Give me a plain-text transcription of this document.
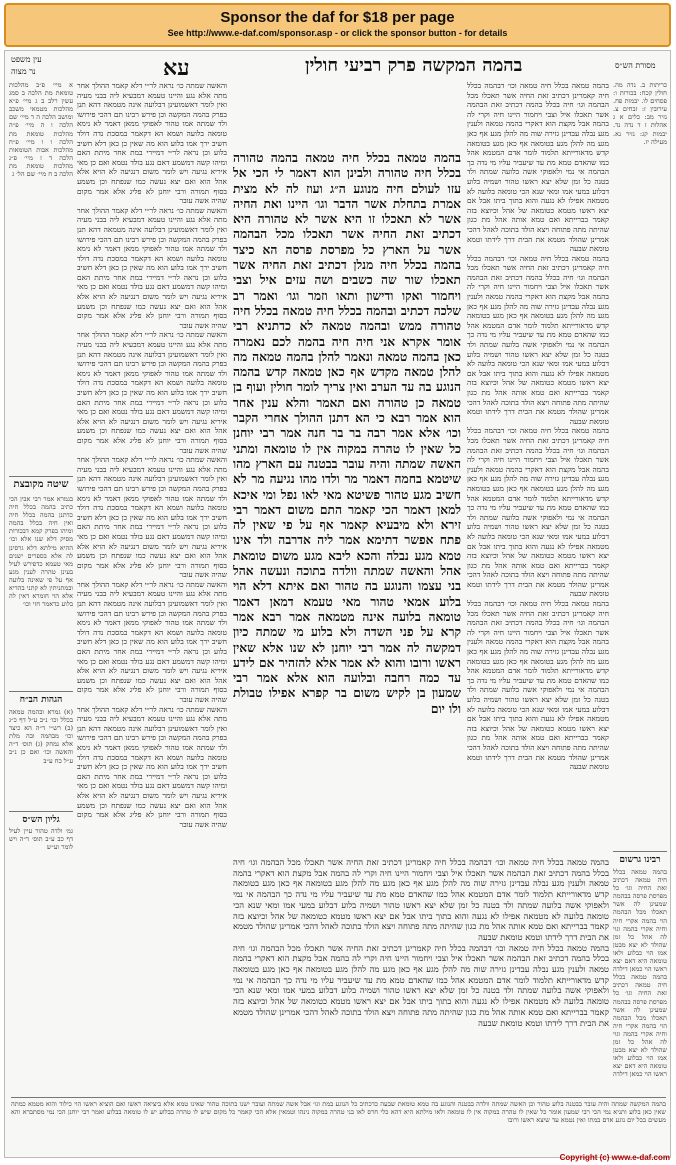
Sponsor the daf for $18 per page
See http://www.e-daf.com/sponsor.asp - or click the sponsor button - for details
עין משפט
נר מצוה	עא	בהמה המקשה פרק רביעי חולין	מסורת הש״ס

א מיי׳ פ״ב מהלכות טומאת מת הלכה ב סמג עשין רלב ב ג מיי׳ פ״א מהלכות מטמאי משכב ומושב הלכה ה ד מיי׳ שם הלכה ו ה מיי׳ פ״ה מהלכות טומאת מת הלכה ו ו מיי׳ פ״ח מהלכות אבות הטומאות הלכה ד ז מיי׳ פ״ג מהלכות טומאת מת הלכה ב ח מיי׳ שם הל׳ ג

שיטה מקובצת

בגמרא אמר רבי אבין הכי כתיב בהמה בכלל חיה כדתנן בהמה בכלל חיה ואין חיה בכלל בהמה ומיהו בפרק קמא דבכורות מסיק דלא שנו אלא וכו׳ ההיא מילתא דלא גרסינן לה אלא בספרים ישנים מאי טעמא כדפירש לעיל בעינן טהרה לענין מגע אף על פי שאינה בלועה ובמתניתין לא קתני בהדיא אלא הוי חומרא דאין לה בלוע כדאמר חזי וכו׳

הגהות הב״ח

(א) גמרא ובהמה טמאה בכלל וכו׳ נ״ב ע״ל דף כ״ג (ב) רש״י ד״ה הא כיצד וכו׳ מבהמה ובה מלת אלא נמחק (ג) תוס׳ ד״ה והאשה וכו׳ ואם כן נ״ב ע״ל כח ע״ב

גליון הש״ס

גמ׳ ולדה טהור עיין לעיל דף כב ע״ב תוס׳ ד״ה ויש לומר וע״ש

והאשה שמתה כו׳ נראה לר״י דלא קאמר ההולך אחר מתה אלא נגע והיינו טעמא דמבעיא ליה בבני מעיה ואין לומר דאשמועינן דבלועה אינה מטמאה דהא תנן בפרק בהמה המקשה וכן פירש רבינו תם דהכי פירושו ולד שמתה אמו טהור לאפוקי ממאן דאמר לא נימא טומאה בלועה ושמא הא דקאמר במסכת נדה דולד חשיב ירך אמו בלוע הוא מה שאין כן כאן דלא חשיב בלוע וכן נראה לר״י דמיירי במת אחר מיתת האם ומיהו קשה דמשמע דאם נגע בולד נטמא ואם כן מאי איריא נגיעה ויש לומר משום דנגיעה לא הויא אלא אהל הוא ואם יצא נעשה כמו שנפתח וכן משמע בסוף תמורה ורבי יוחנן לא פליג אלא אמר מקום שהיה אשה עובר

והאשה שמתה כו׳ נראה לר״י דלא קאמר ההולך אחר מתה אלא נגע והיינו טעמא דמבעיא ליה בבני מעיה ואין לומר דאשמועינן דבלועה אינה מטמאה דהא תנן בפרק בהמה המקשה וכן פירש רבינו תם דהכי פירושו ולד שמתה אמו טהור לאפוקי ממאן דאמר לא נימא טומאה בלועה ושמא הא דקאמר במסכת נדה דולד חשיב ירך אמו בלוע הוא מה שאין כן כאן דלא חשיב בלוע וכן נראה לר״י דמיירי במת אחר מיתת האם ומיהו קשה דמשמע דאם נגע בולד נטמא ואם כן מאי איריא נגיעה ויש לומר משום דנגיעה לא הויא אלא אהל הוא ואם יצא נעשה כמו שנפתח וכן משמע בסוף תמורה ורבי יוחנן לא פליג אלא אמר מקום שהיה אשה עובר

והאשה שמתה כו׳ נראה לר״י דלא קאמר ההולך אחר מתה אלא נגע והיינו טעמא דמבעיא ליה בבני מעיה ואין לומר דאשמועינן דבלועה אינה מטמאה דהא תנן בפרק בהמה המקשה וכן פירש רבינו תם דהכי פירושו ולד שמתה אמו טהור לאפוקי ממאן דאמר לא נימא טומאה בלועה ושמא הא דקאמר במסכת נדה דולד חשיב ירך אמו בלוע הוא מה שאין כן כאן דלא חשיב בלוע וכן נראה לר״י דמיירי במת אחר מיתת האם ומיהו קשה דמשמע דאם נגע בולד נטמא ואם כן מאי איריא נגיעה ויש לומר משום דנגיעה לא הויא אלא אהל הוא ואם יצא נעשה כמו שנפתח וכן משמע בסוף תמורה ורבי יוחנן לא פליג אלא אמר מקום שהיה אשה עובר

והאשה שמתה כו׳ נראה לר״י דלא קאמר ההולך אחר מתה אלא נגע והיינו טעמא דמבעיא ליה בבני מעיה ואין לומר דאשמועינן דבלועה אינה מטמאה דהא תנן בפרק בהמה המקשה וכן פירש רבינו תם דהכי פירושו ולד שמתה אמו טהור לאפוקי ממאן דאמר לא נימא טומאה בלועה ושמא הא דקאמר במסכת נדה דולד חשיב ירך אמו בלוע הוא מה שאין כן כאן דלא חשיב בלוע וכן נראה לר״י דמיירי במת אחר מיתת האם ומיהו קשה דמשמע דאם נגע בולד נטמא ואם כן מאי איריא נגיעה ויש לומר משום דנגיעה לא הויא אלא אהל הוא ואם יצא נעשה כמו שנפתח וכן משמע בסוף תמורה ורבי יוחנן לא פליג אלא אמר מקום שהיה אשה עובר

והאשה שמתה כו׳ נראה לר״י דלא קאמר ההולך אחר מתה אלא נגע והיינו טעמא דמבעיא ליה בבני מעיה ואין לומר דאשמועינן דבלועה אינה מטמאה דהא תנן בפרק בהמה המקשה וכן פירש רבינו תם דהכי פירושו ולד שמתה אמו טהור לאפוקי ממאן דאמר לא נימא טומאה בלועה ושמא הא דקאמר במסכת נדה דולד חשיב ירך אמו בלוע הוא מה שאין כן כאן דלא חשיב בלוע וכן נראה לר״י דמיירי במת אחר מיתת האם ומיהו קשה דמשמע דאם נגע בולד נטמא ואם כן מאי איריא נגיעה ויש לומר משום דנגיעה לא הויא אלא אהל הוא ואם יצא נעשה כמו שנפתח וכן משמע בסוף תמורה ורבי יוחנן לא פליג אלא אמר מקום שהיה אשה עובר

והאשה שמתה כו׳ נראה לר״י דלא קאמר ההולך אחר מתה אלא נגע והיינו טעמא דמבעיא ליה בבני מעיה ואין לומר דאשמועינן דבלועה אינה מטמאה דהא תנן בפרק בהמה המקשה וכן פירש רבינו תם דהכי פירושו ולד שמתה אמו טהור לאפוקי ממאן דאמר לא נימא טומאה בלועה ושמא הא דקאמר במסכת נדה דולד חשיב ירך אמו בלוע הוא מה שאין כן כאן דלא חשיב בלוע וכן נראה לר״י דמיירי במת אחר מיתת האם ומיהו קשה דמשמע דאם נגע בולד נטמא ואם כן מאי איריא נגיעה ויש לומר משום דנגיעה לא הויא אלא אהל הוא ואם יצא נעשה כמו שנפתח וכן משמע בסוף תמורה ורבי יוחנן לא פליג אלא אמר מקום שהיה אשה עובר

בהמה טמאה בכלל חיה טמאה בהמה טהורה בכלל חיה טהורה ולבינן הוא דאמר לי הכי אל עזו לעולם חיה מנוגע ה״ג ועוז לה לא מצית אמרת בתחלת אשר הדבר וגו׳ היינו ואת החיה אשר לא תאכלו זו היא אשר לא טהורה היא דכתיב זאת החיה אשר תאכלו מכל הבהמה אשר על הארץ כל מפרסת פרסה הא כיצד בהמה בכלל חיה מנלן דכתיב זאת החיה אשר תאכלו שור שה כשבים ושה עזים איל וצבי ויחמור ואקו ודישון ותאו וזמר וגו׳ ואמר רב שלכה דכתיב ובהמה בכלל חיה טמאה בכלל חיה טהורה ממש ובהמה טמאה לא כדתניא רבי אומר אקרא אני חיה חיה בהמה לכם נאמרה כאן בהמה טמאה ונאמר להלן בהמה טמאה מה להלן טמאה מקדש אף כאן טמאה קדש בהמה הנוגע בה עד הערב ואין צריך לומר חולין ועוף בן טמאה כן טהורה ואם תאמר והלא ענין אחר הוא אמר רבא כי הא דתנן ההולך אחרי הקבר וכו׳ אלא אמר רבה בר בר חנה אמר רבי יוחנן כל שאין לו טהרה במקוה אין לו טומאה ומתני האשה שמתה והיה עובר בבטנה עם הארץ מהו שיטמא בחמה דאמר מר ולדו מהו נגיעה מר לא חשיב מגע טהור פשיטא מאי לאו נפל ומי איכא למאן דאמר הכי קאמר התם משום דאמר רבי זירא ולא מיבעיא קאמר אף על פי שאין לה פתח אפשר דתימא אמר ליה אדרבה ולד אינו טמא מגע נבלה והכא ליבא מגע משום טומאת אהל והאשה שמתה וולדה בתוכה ונעשה אהל בני עצמו והנוגע בה טהור ואם איתא דלא הוי בלוע אמאי טהור מאי טעמא דמאן דאמר טומאה בלועה אינה מטמאה אמר רבא אמר קרא על פני השדה ולא בלוע מי שמתה כיון דמקשה לה אמר רבי יוחנן לא שנו אלא שאין ראשו ורובו והוא לא אמר אלא להזהיר אם לידע עד כמה רחבה ובלועה הוא אלא אמר רבי שמעון בן לקיש משום בר קפרא אפילו טבולת ולו יום

בהמה טמאה בכלל חיה טמאה וכו׳ דבהמה בכלל חיה קאמרינן דכתיב זאת החיה אשר תאכלו מכל הבהמה וגו׳ חיה בכלל בהמה דכתיב זאת הבהמה אשר תאכלו איל וצבי ויחמור היינו חיה וקרי לה בהמה אבל מקצת הוא דאקרי בהמה טמאה ולענין מגע נבלה עבדינן גזירה שוה מה להלן מגע אף כאן מגע מה להלן מגע בטומאה אף כאן מגע בטומאה קדש מדאורייתא תלמוד לומר אדם המטמא אהל כמו שהאדם טמא מת עד שיעביר עליו מי נדה כך הבהמה אי נמי ולאפוקי אשה בלועה שמתה ולד בטנה כל זמן שלא יצא ראשו טהור ושמיה בלוע דבלוע במעי אמו ומאי שנא הכי טומאה בלועה לא מטמאה אפילו לא נגעה והוא בתוך ביתו אבל אם יצא ראשו מטמא כטומאה של אהל וכיוצא בזה קאמר בברייתא ואם טמא אותה אהל מת כגון שהיתה מתה פתוחה ויצא הולד בתוכה לאהל דהכי אמרינן שהולד מטמא את הבית דרך לידתו וטמא טומאת שבעה

בהמה טמאה בכלל חיה טמאה וכו׳ דבהמה בכלל חיה קאמרינן דכתיב זאת החיה אשר תאכלו מכל הבהמה וגו׳ חיה בכלל בהמה דכתיב זאת הבהמה אשר תאכלו איל וצבי ויחמור היינו חיה וקרי לה בהמה אבל מקצת הוא דאקרי בהמה טמאה ולענין מגע נבלה עבדינן גזירה שוה מה להלן מגע אף כאן מגע מה להלן מגע בטומאה אף כאן מגע בטומאה קדש מדאורייתא תלמוד לומר אדם המטמא אהל כמו שהאדם טמא מת עד שיעביר עליו מי נדה כך הבהמה אי נמי ולאפוקי אשה בלועה שמתה ולד בטנה כל זמן שלא יצא ראשו טהור ושמיה בלוע דבלוע במעי אמו ומאי שנא הכי טומאה בלועה לא מטמאה אפילו לא נגעה והוא בתוך ביתו אבל אם יצא ראשו מטמא כטומאה של אהל וכיוצא בזה קאמר בברייתא ואם טמא אותה אהל מת כגון שהיתה מתה פתוחה ויצא הולד בתוכה לאהל דהכי אמרינן שהולד מטמא את הבית דרך לידתו וטמא טומאת שבעה

בהמה טמאה בכלל חיה טמאה וכו׳ דבהמה בכלל חיה קאמרינן דכתיב זאת החיה אשר תאכלו מכל הבהמה וגו׳ חיה בכלל בהמה דכתיב זאת הבהמה אשר תאכלו איל וצבי ויחמור היינו חיה וקרי לה בהמה אבל מקצת הוא דאקרי בהמה טמאה ולענין מגע נבלה עבדינן גזירה שוה מה להלן מגע אף כאן מגע מה להלן מגע בטומאה אף כאן מגע בטומאה קדש מדאורייתא תלמוד לומר אדם המטמא אהל כמו שהאדם טמא מת עד שיעביר עליו מי נדה כך הבהמה אי נמי ולאפוקי אשה בלועה שמתה ולד בטנה כל זמן שלא יצא ראשו טהור ושמיה בלוע דבלוע במעי אמו ומאי שנא הכי טומאה בלועה לא מטמאה אפילו לא נגעה והוא בתוך ביתו אבל אם יצא ראשו מטמא כטומאה של אהל וכיוצא בזה קאמר בברייתא ואם טמא אותה אהל מת כגון שהיתה מתה פתוחה ויצא הולד בתוכה לאהל דהכי אמרינן שהולד מטמא את הבית דרך לידתו וטמא טומאת שבעה

בהמה טמאה בכלל חיה טמאה וכו׳ דבהמה בכלל חיה קאמרינן דכתיב זאת החיה אשר תאכלו מכל הבהמה וגו׳ חיה בכלל בהמה דכתיב זאת הבהמה אשר תאכלו איל וצבי ויחמור היינו חיה וקרי לה בהמה אבל מקצת הוא דאקרי בהמה טמאה ולענין מגע נבלה עבדינן גזירה שוה מה להלן מגע אף כאן מגע מה להלן מגע בטומאה אף כאן מגע בטומאה קדש מדאורייתא תלמוד לומר אדם המטמא אהל כמו שהאדם טמא מת עד שיעביר עליו מי נדה כך הבהמה אי נמי ולאפוקי אשה בלועה שמתה ולד בטנה כל זמן שלא יצא ראשו טהור ושמיה בלוע דבלוע במעי אמו ומאי שנא הכי טומאה בלועה לא מטמאה אפילו לא נגעה והוא בתוך ביתו אבל אם יצא ראשו מטמא כטומאה של אהל וכיוצא בזה קאמר בברייתא ואם טמא אותה אהל מת כגון שהיתה מתה פתוחה ויצא הולד בתוכה לאהל דהכי אמרינן שהולד מטמא את הבית דרך לידתו וטמא טומאת שבעה

בהמה טמאה בכלל חיה טמאה וכו׳ דבהמה בכלל חיה קאמרינן דכתיב זאת החיה אשר תאכלו מכל הבהמה וגו׳ חיה בכלל בהמה דכתיב זאת הבהמה אשר תאכלו איל וצבי ויחמור היינו חיה וקרי לה בהמה אבל מקצת הוא דאקרי בהמה טמאה ולענין מגע נבלה עבדינן גזירה שוה מה להלן מגע אף כאן מגע מה להלן מגע בטומאה אף כאן מגע בטומאה קדש מדאורייתא תלמוד לומר אדם המטמא אהל כמו שהאדם טמא מת עד שיעביר עליו מי נדה כך הבהמה אי נמי ולאפוקי אשה בלועה שמתה ולד בטנה כל זמן שלא יצא ראשו טהור ושמיה בלוע דבלוע במעי אמו ומאי שנא הכי טומאה בלועה לא מטמאה אפילו לא נגעה והוא בתוך ביתו אבל אם יצא ראשו מטמא כטומאה של אהל וכיוצא בזה קאמר בברייתא ואם טמא אותה אהל מת כגון שהיתה מתה פתוחה ויצא הולד בתוכה לאהל דהכי אמרינן שהולד מטמא את הבית דרך לידתו וטמא טומאת שבעה

בהמה טמאה בכלל חיה טמאה וכו׳ דבהמה בכלל חיה קאמרינן דכתיב זאת החיה אשר תאכלו מכל הבהמה וגו׳ חיה בכלל בהמה דכתיב זאת הבהמה אשר תאכלו איל וצבי ויחמור היינו חיה וקרי לה בהמה אבל מקצת הוא דאקרי בהמה טמאה ולענין מגע נבלה עבדינן גזירה שוה מה להלן מגע אף כאן מגע מה להלן מגע בטומאה אף כאן מגע בטומאה קדש מדאורייתא תלמוד לומר אדם המטמא אהל כמו שהאדם טמא מת עד שיעביר עליו מי נדה כך הבהמה אי נמי ולאפוקי אשה בלועה שמתה ולד בטנה כל זמן שלא יצא ראשו טהור ושמיה בלוע דבלוע במעי אמו ומאי שנא הכי טומאה בלועה לא מטמאה אפילו לא נגעה והוא בתוך ביתו אבל אם יצא ראשו מטמא כטומאה של אהל וכיוצא בזה קאמר בברייתא ואם טמא אותה אהל מת כגון שהיתה מתה פתוחה ויצא הולד בתוכה לאהל דהכי אמרינן שהולד מטמא את הבית דרך לידתו וטמא טומאת שבעה

כריתות ב. נדה מה. חולין קכח: בכורות ו: פסחים לו. יבמות פח. עירובין ז: זבחים צ. נזיר מב: כלים א ג אהלות ז ד נדה נד. יבמות קג: נזיר נא. מעילה יז.

רבינו גרשום

בהמה טמאה בכלל חיה טמאה דכתיב זאת החיה וגו׳ כל מפרסת פרסה בבהמה שמעינן לה אשר תאכלו מכל הבהמה הוי בהמה אקרי חיה וחיה אקרי בהמה וגוי לה אהל כל זמן שהולד לא יצא מבטן אמו הוי כבלוע ולאו טומאה היא דאם יצא ראשו הוי כמאן דילדה

בהמה טמאה בכלל חיה טמאה דכתיב זאת החיה וגו׳ כל מפרסת פרסה בבהמה שמעינן לה אשר תאכלו מכל הבהמה הוי בהמה אקרי חיה וחיה אקרי בהמה וגוי לה אהל כל זמן שהולד לא יצא מבטן אמו הוי כבלוע ולאו טומאה היא דאם יצא ראשו הוי כמאן דילדה

בהמה המקשה שמתה והיה עובר בבטנה בלוע טהור וכן האשה שמתה וולדה בבטנה והנוגע בה טמא טומאת שבעה כדכתיב כל הנוגע במת וגו׳ אבל אשה שמתה ועובר ישנו בתוכה טהור שאינו טמא אלא ביציאה ראשו ואם הוציא ראשו הוי כילוד והוא מטמא כמתה שאין כאן בלוע ותניא נמי הכי רבי שמעון אומר כל שאין לו טהרה במקוה אין לו טומאה ולאו מילתא היא דהא כלי חרס לאו בני טהרה במקוה נינהו וטמאין אלא הכי קאמר כל מקום שיש לו טהרה בבלוע יש לו טומאה בבלוע ואמר רבי יוחנן הכי נמי מסתברא והא מעשים בכל יום נוגע אדם במתו ואין נטמא עד שיצא ראשו ורובו

Copyright (c) www.e-daf.com
